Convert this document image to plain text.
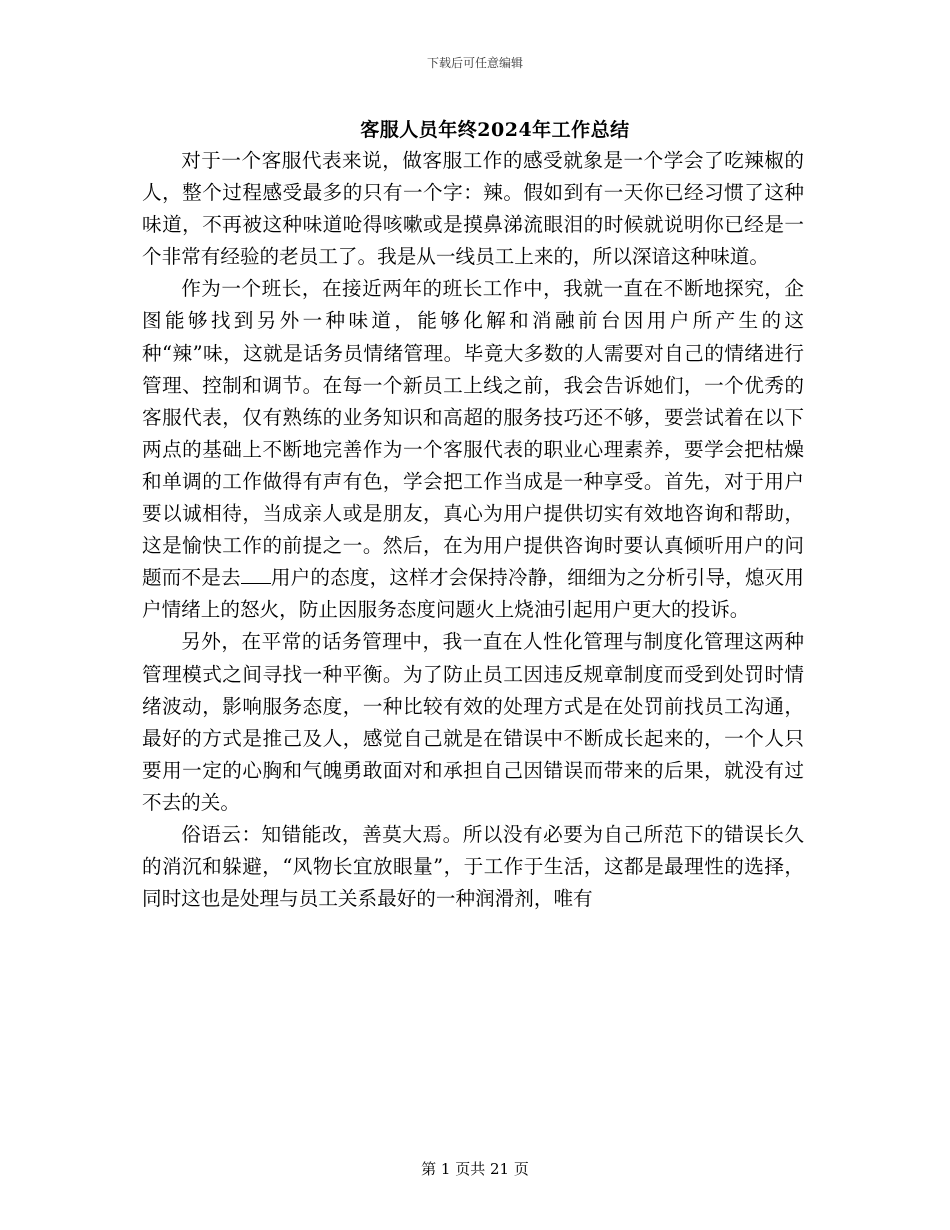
下载后可任意编辑
客服人员年终2024年工作总结

对于一个客服代表来说，做客服工作的感受就象是一个学会了吃辣椒的人，整个过程感受最多的只有一个字：辣。假如到有一天你已经习惯了这种味道，不再被这种味道呛得咳嗽或是摸鼻涕流眼泪的时候就说明你已经是一个非常有经验的老员工了。我是从一线员工上来的，所以深谙这种味道。

作为一个班长，在接近两年的班长工作中，我就一直在不断地探究，企图能够找到另外一种味道，能够化解和消融前台因用户所产生的这种“辣”味，这就是话务员情绪管理。毕竟大多数的人需要对自己的情绪进行管理、控制和调节。在每一个新员工上线之前，我会告诉她们，一个优秀的客服代表，仅有熟练的业务知识和高超的服务技巧还不够，要尝试着在以下两点的基础上不断地完善作为一个客服代表的职业心理素养，要学会把枯燥和单调的工作做得有声有色，学会把工作当成是一种享受。首先，对于用户要以诚相待，当成亲人或是朋友，真心为用户提供切实有效地咨询和帮助，这是愉快工作的前提之一。然后，在为用户提供咨询时要认真倾听用户的问题而不是去 用户的态度，这样才会保持冷静，细细为之分析引导，熄灭用户情绪上的怒火，防止因服务态度问题火上烧油引起用户更大的投诉。

另外，在平常的话务管理中，我一直在人性化管理与制度化管理这两种管理模式之间寻找一种平衡。为了防止员工因违反规章制度而受到处罚时情绪波动，影响服务态度，一种比较有效的处理方式是在处罚前找员工沟通，最好的方式是推己及人，感觉自己就是在错误中不断成长起来的，一个人只要用一定的心胸和气魄勇敢面对和承担自己因错误而带来的后果，就没有过不去的关。

俗语云：知错能改，善莫大焉。所以没有必要为自己所范下的错误长久的消沉和躲避，“风物长宜放眼量”，于工作于生活，这都是最理性的选择，同时这也是处理与员工关系最好的一种润滑剂，唯有

第 1 页共 21 页
